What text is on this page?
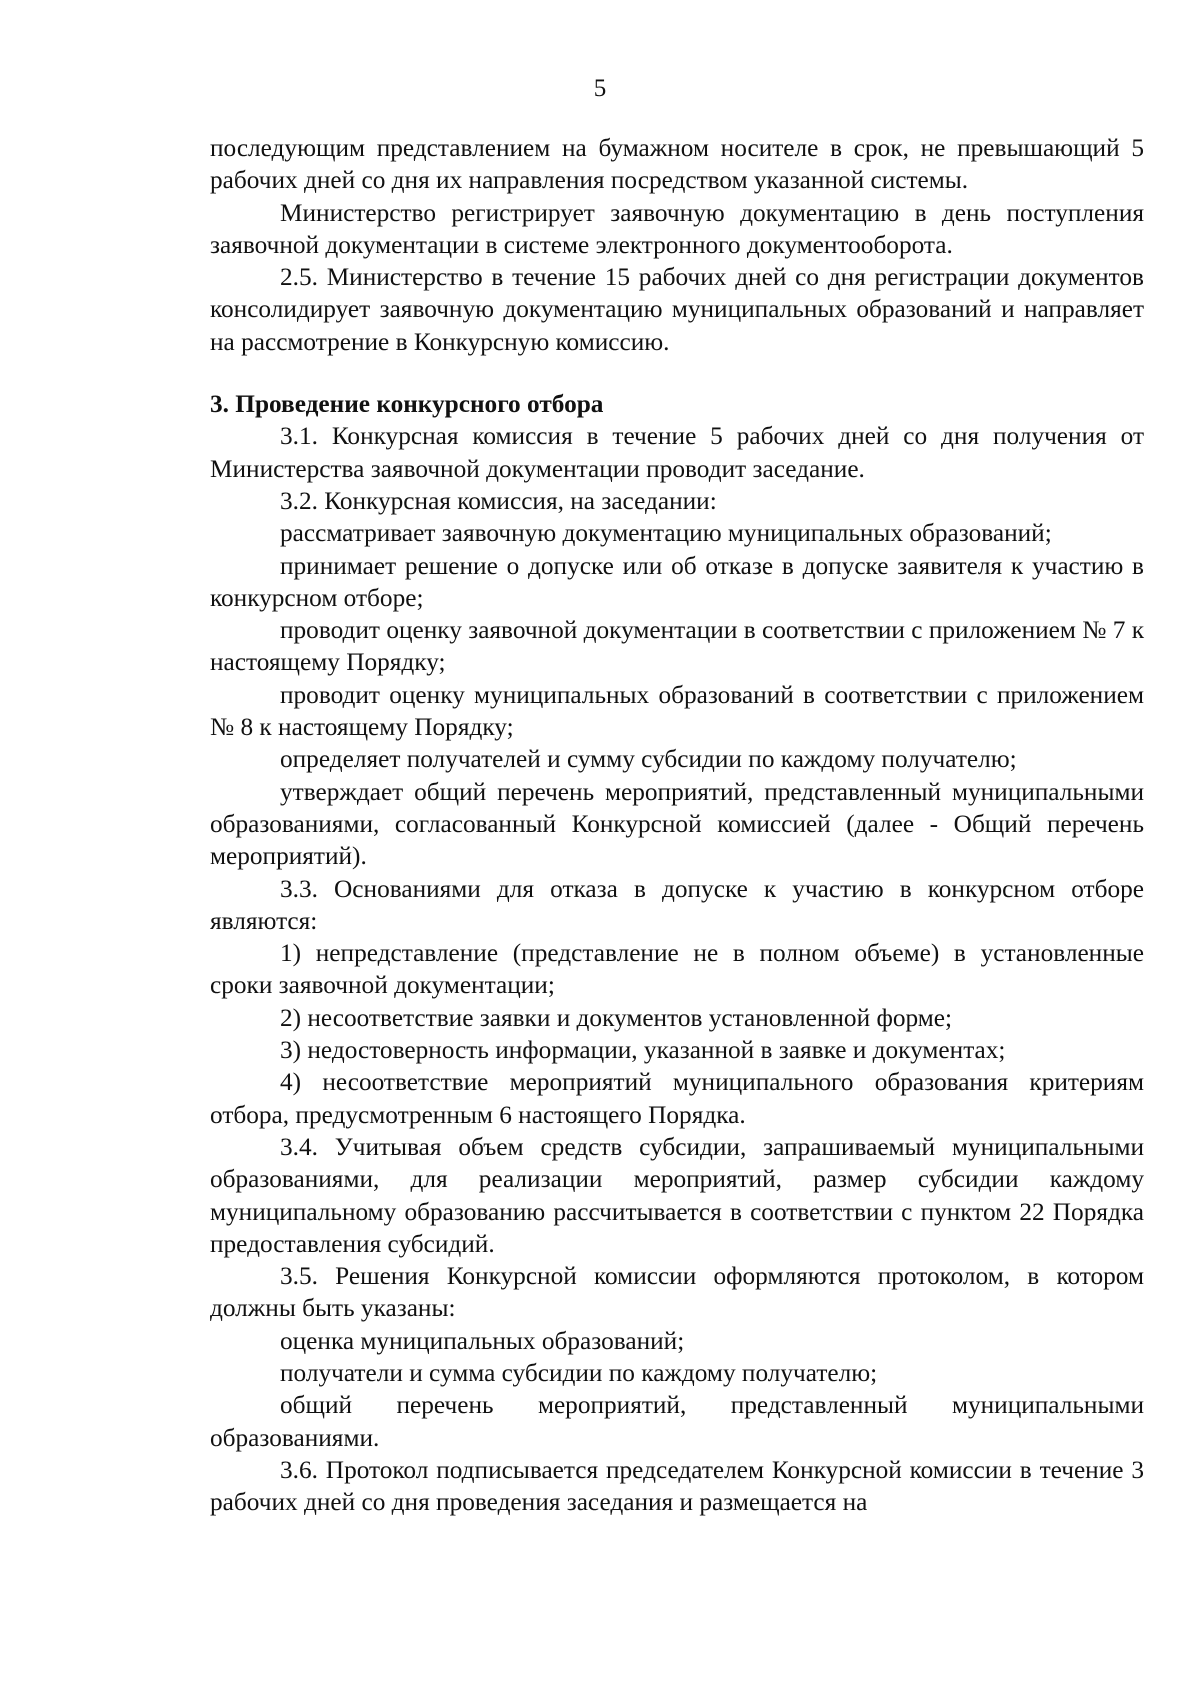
5

последующим представлением на бумажном носителе в срок, не превышающий 5 рабочих дней со дня их направления посредством указанной системы.

Министерство регистрирует заявочную документацию в день поступления заявочной документации в системе электронного документооборота.

2.5. Министерство в течение 15 рабочих дней со дня регистрации документов консолидирует заявочную документацию муниципальных образований и направляет на рассмотрение в Конкурсную комиссию.

3. Проведение конкурсного отбора

3.1. Конкурсная комиссия в течение 5 рабочих дней со дня получения от Министерства заявочной документации проводит заседание.

3.2. Конкурсная комиссия, на заседании:

рассматривает заявочную документацию муниципальных образований;

принимает решение о допуске или об отказе в допуске заявителя к участию в конкурсном отборе;

проводит оценку заявочной документации в соответствии с приложением № 7 к настоящему Порядку;

проводит оценку муниципальных образований в соответствии с приложением № 8 к настоящему Порядку;

определяет получателей и сумму субсидии по каждому получателю;

утверждает общий перечень мероприятий, представленный муниципальными образованиями, согласованный Конкурсной комиссией (далее - Общий перечень мероприятий).

3.3. Основаниями для отказа в допуске к участию в конкурсном отборе являются:

1) непредставление (представление не в полном объеме) в установленные сроки заявочной документации;

2) несоответствие заявки и документов установленной форме;

3) недостоверность информации, указанной в заявке и документах;

4) несоответствие мероприятий муниципального образования критериям отбора, предусмотренным 6 настоящего Порядка.

3.4. Учитывая объем средств субсидии, запрашиваемый муниципальными образованиями, для реализации мероприятий, размер субсидии каждому муниципальному образованию рассчитывается в соответствии с пунктом 22 Порядка предоставления субсидий.

3.5. Решения Конкурсной комиссии оформляются протоколом, в котором должны быть указаны:

оценка муниципальных образований;

получатели и сумма субсидии по каждому получателю;

общий перечень мероприятий, представленный муниципальными образованиями.

3.6. Протокол подписывается председателем Конкурсной комиссии в течение 3 рабочих дней со дня проведения заседания и размещается на
